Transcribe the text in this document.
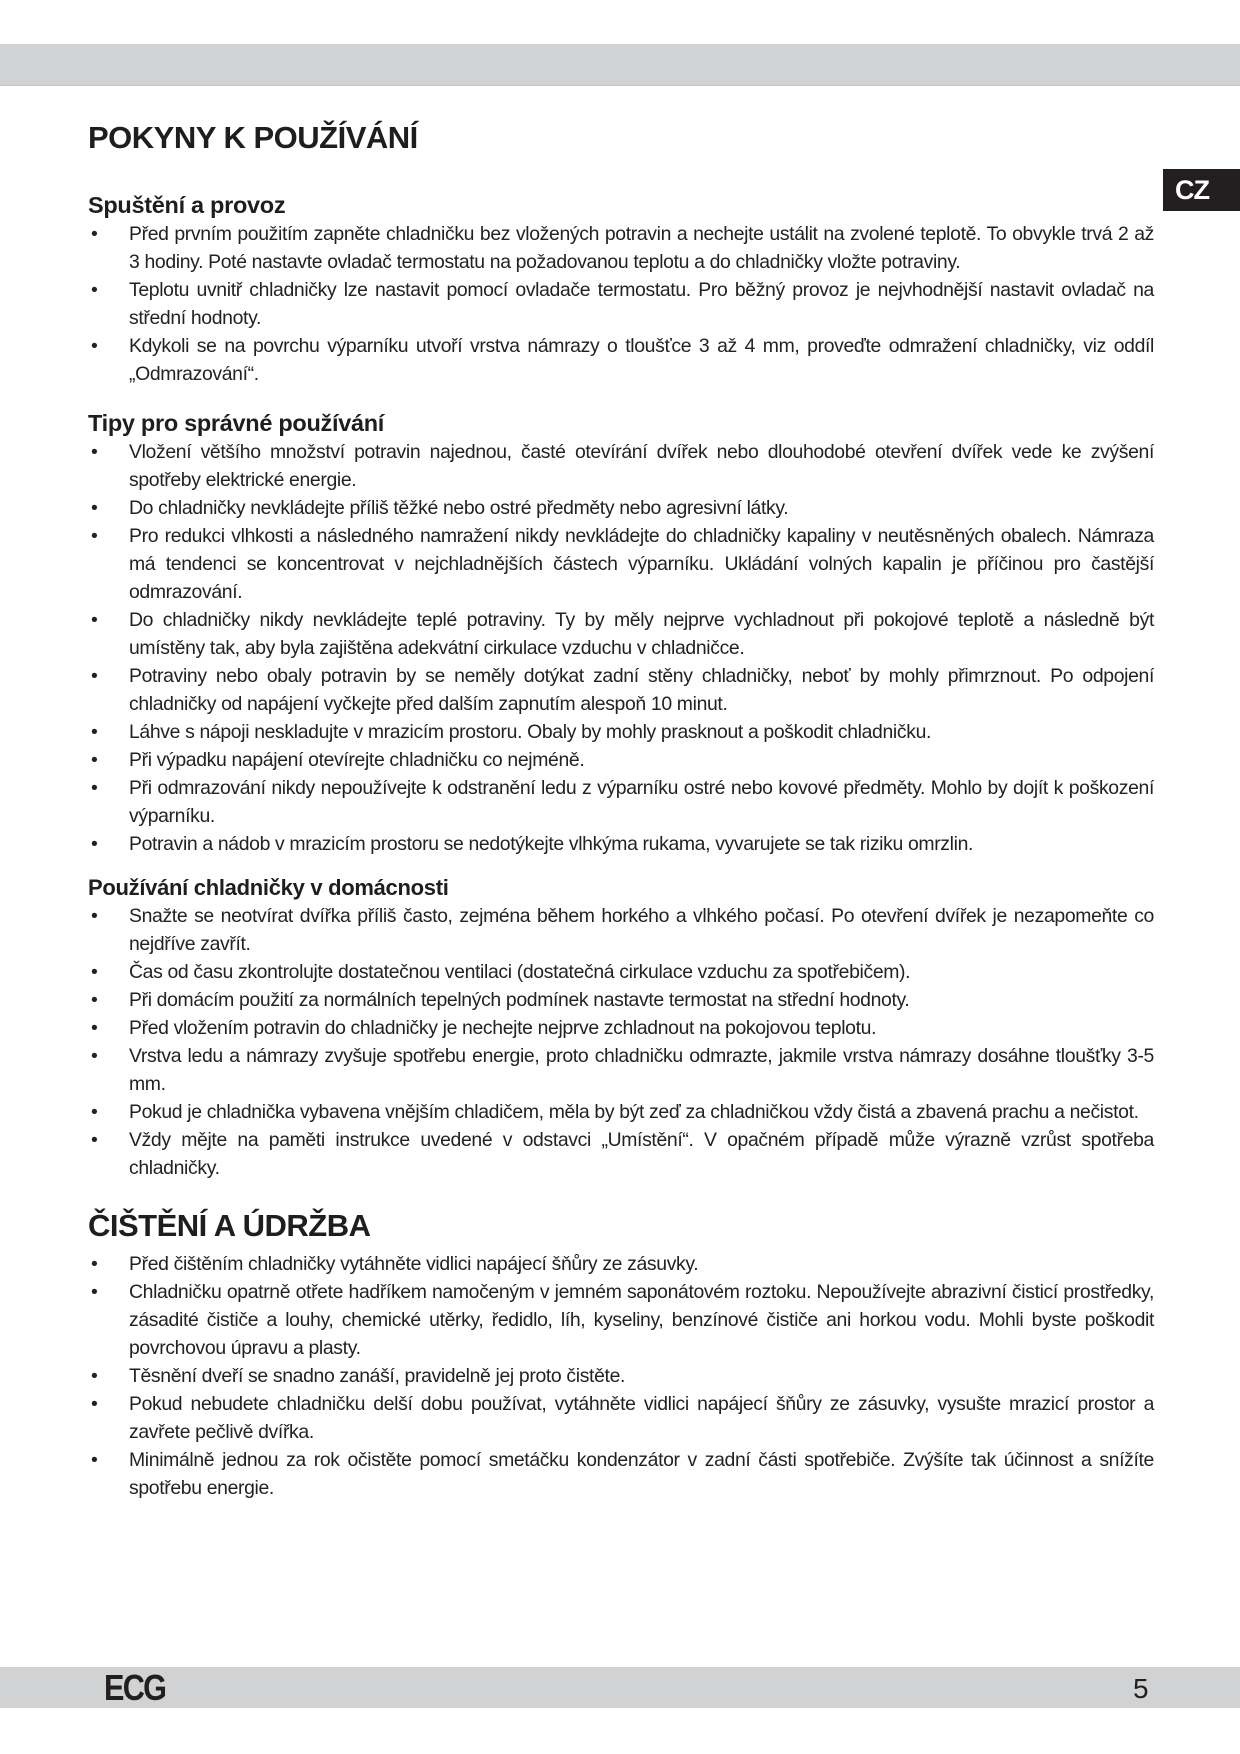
CZ
POKYNY K POUŽÍVÁNÍ
Spuštění a provoz
• Před prvním použitím zapněte chladničku bez vložených potravin a nechejte ustálit na zvolené teplotě. To obvykle trvá 2 až 3 hodiny. Poté nastavte ovladač termostatu na požadovanou teplotu a do chladničky vložte potraviny.
• Teplotu uvnitř chladničky lze nastavit pomocí ovladače termostatu. Pro běžný provoz je nejvhodnější nastavit ovladač na střední hodnoty.
• Kdykoli se na povrchu výparníku utvoří vrstva námrazy o tloušťce 3 až 4 mm, proveďte odmražení chladničky, viz oddíl „Odmrazování“.
Tipy pro správné používání
• Vložení většího množství potravin najednou, časté otevírání dvířek nebo dlouhodobé otevření dvířek vede ke zvýšení spotřeby elektrické energie.
• Do chladničky nevkládejte příliš těžké nebo ostré předměty nebo agresivní látky.
• Pro redukci vlhkosti a následného namražení nikdy nevkládejte do chladničky kapaliny v neutěsněných obalech. Námraza má tendenci se koncentrovat v nejchladnějších částech výparníku. Ukládání volných kapalin je příčinou pro častější odmrazování.
• Do chladničky nikdy nevkládejte teplé potraviny. Ty by měly nejprve vychladnout při pokojové teplotě a následně být umístěny tak, aby byla zajištěna adekvátní cirkulace vzduchu v chladničce.
• Potraviny nebo obaly potravin by se neměly dotýkat zadní stěny chladničky, neboť by mohly přimrznout. Po odpojení chladničky od napájení vyčkejte před dalším zapnutím alespoň 10 minut.
• Láhve s nápoji neskladujte v mrazicím prostoru. Obaly by mohly prasknout a poškodit chladničku.
• Při výpadku napájení otevírejte chladničku co nejméně.
• Při odmrazování nikdy nepoužívejte k odstranění ledu z výparníku ostré nebo kovové předměty. Mohlo by dojít k poškození výparníku.
• Potravin a nádob v mrazicím prostoru se nedotýkejte vlhkýma rukama, vyvarujete se tak riziku omrzlin.
Používání chladničky v domácnosti
• Snažte se neotvírat dvířka příliš často, zejména během horkého a vlhkého počasí. Po otevření dvířek je nezapomeňte co nejdříve zavřít.
• Čas od času zkontrolujte dostatečnou ventilaci (dostatečná cirkulace vzduchu za spotřebičem).
• Při domácím použití za normálních tepelných podmínek nastavte termostat na střední hodnoty.
• Před vložením potravin do chladničky je nechejte nejprve zchladnout na pokojovou teplotu.
• Vrstva ledu a námrazy zvyšuje spotřebu energie, proto chladničku odmrazte, jakmile vrstva námrazy dosáhne tloušťky 3-5 mm.
• Pokud je chladnička vybavena vnějším chladičem, měla by být zeď za chladničkou vždy čistá a zbavená prachu a nečistot.
• Vždy mějte na paměti instrukce uvedené v odstavci „Umístění“. V opačném případě může výrazně vzrůst spotřeba chladničky.
ČIŠTĚNÍ A ÚDRŽBA
• Před čištěním chladničky vytáhněte vidlici napájecí šňůry ze zásuvky.
• Chladničku opatrně otřete hadříkem namočeným v jemném saponátovém roztoku. Nepoužívejte abrazivní čisticí prostředky, zásadité čističe a louhy, chemické utěrky, ředidlo, líh, kyseliny, benzínové čističe ani horkou vodu. Mohli byste poškodit povrchovou úpravu a plasty.
• Těsnění dveří se snadno zanáší, pravidelně jej proto čistěte.
• Pokud nebudete chladničku delší dobu používat, vytáhněte vidlici napájecí šňůry ze zásuvky, vysušte mrazicí prostor a zavřete pečlivě dvířka.
• Minimálně jednou za rok očistěte pomocí smetáčku kondenzátor v zadní části spotřebiče. Zvýšíte tak účinnost a snížíte spotřebu energie.
ECG	5
